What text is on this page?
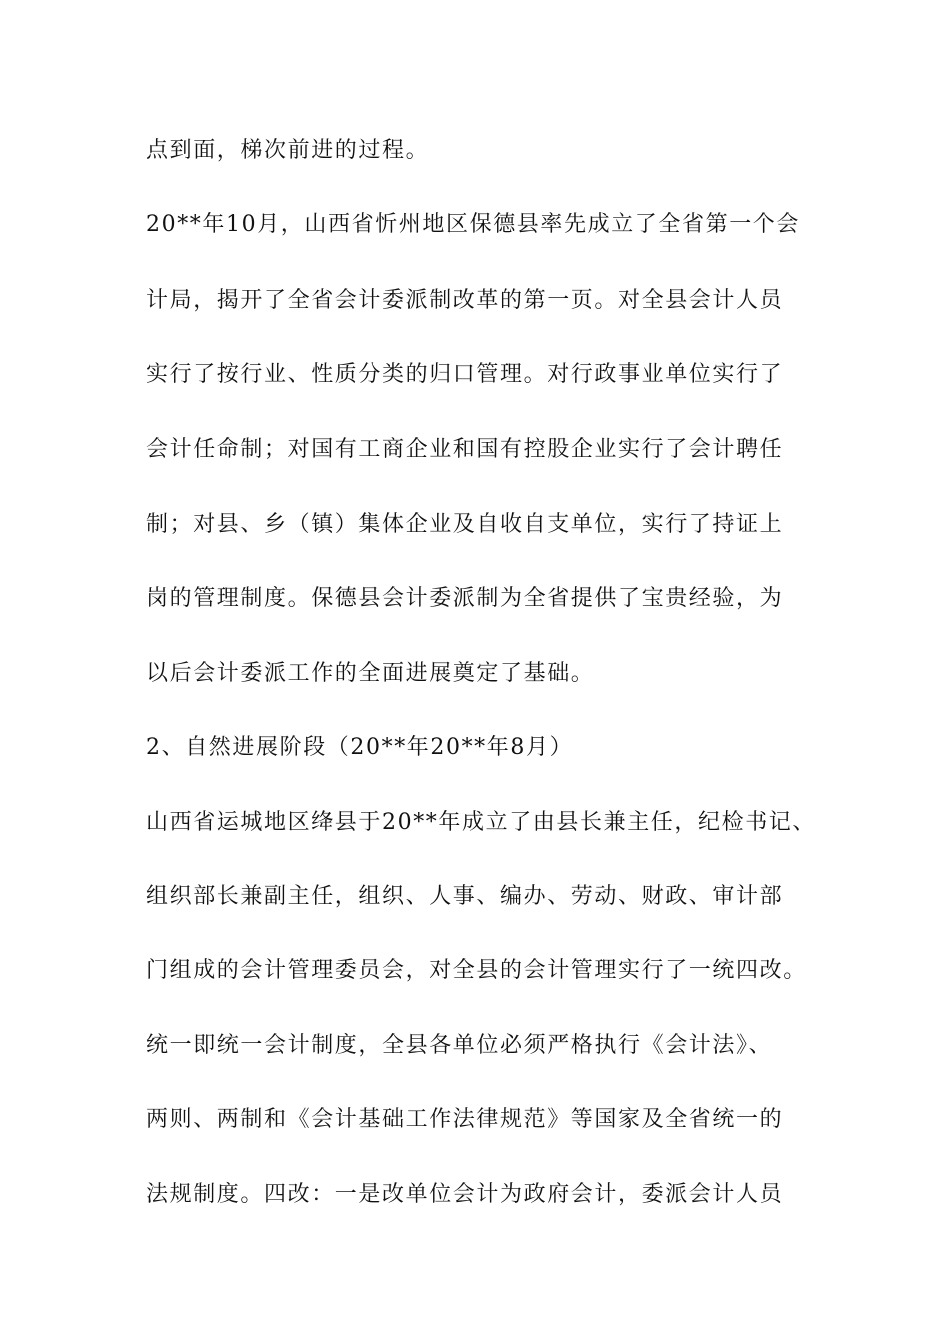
点到面，梯次前进的过程。
20**年10月，山西省忻州地区保德县率先成立了全省第一个会
计局，揭开了全省会计委派制改革的第一页。对全县会计人员
实行了按行业、性质分类的归口管理。对行政事业单位实行了
会计任命制；对国有工商企业和国有控股企业实行了会计聘任
制；对县、乡（镇）集体企业及自收自支单位，实行了持证上
岗的管理制度。保德县会计委派制为全省提供了宝贵经验，为
以后会计委派工作的全面进展奠定了基础。
2、自然进展阶段（20**年20**年8月）
山西省运城地区绛县于20**年成立了由县长兼主任，纪检书记、
组织部长兼副主任，组织、人事、编办、劳动、财政、审计部
门组成的会计管理委员会，对全县的会计管理实行了一统四改。
统一即统一会计制度，全县各单位必须严格执行《会计法》、
两则、两制和《会计基础工作法律规范》等国家及全省统一的
法规制度。四改：一是改单位会计为政府会计，委派会计人员
